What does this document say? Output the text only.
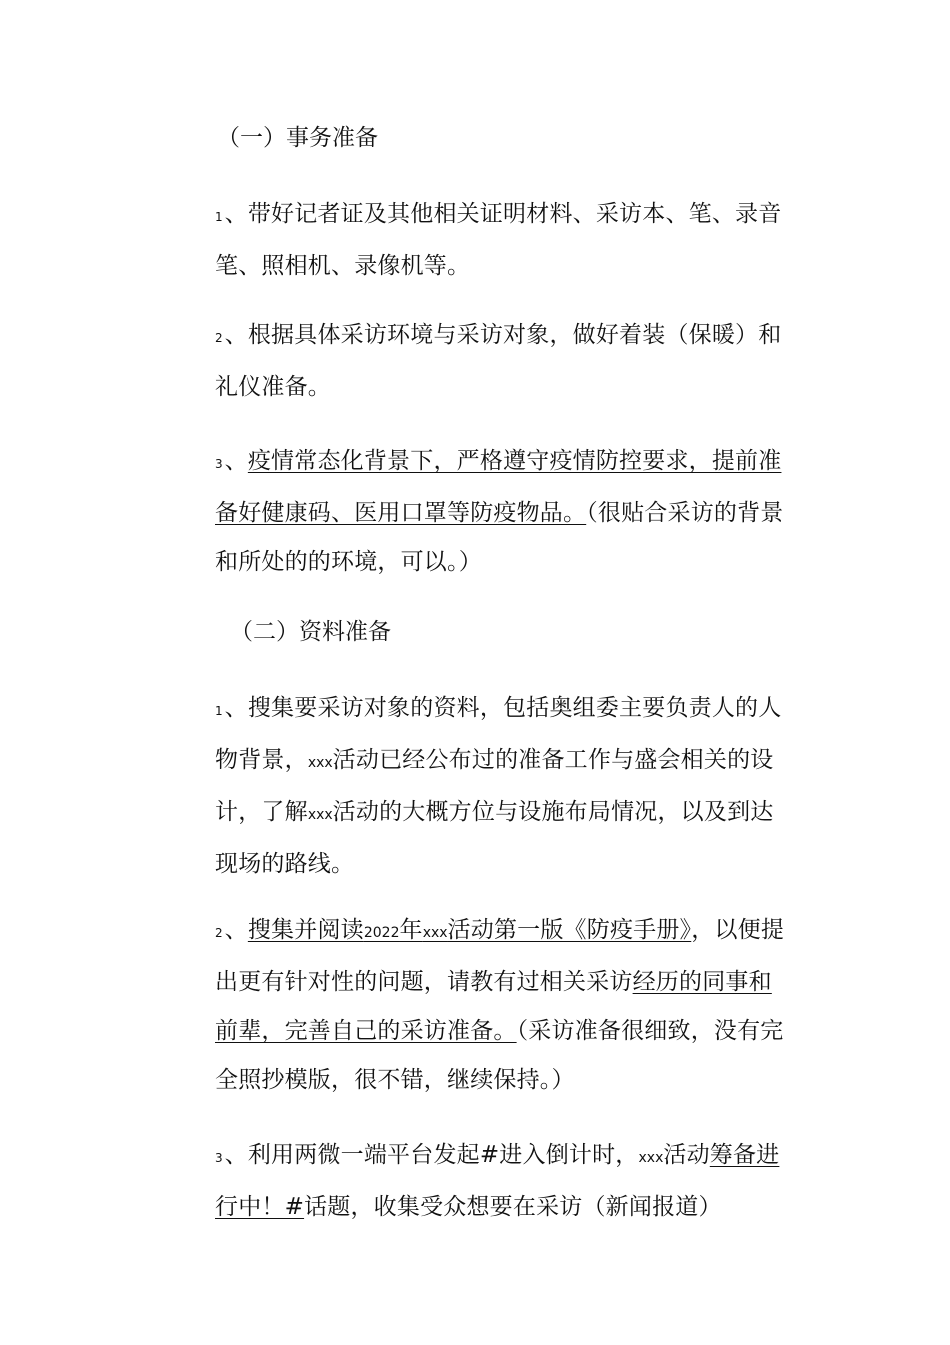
（一）事务准备
1、带好记者证及其他相关证明材料、采访本、笔、录音笔、照相机、录像机等。
2、根据具体采访环境与采访对象，做好着装（保暖）和礼仪准备。
3、疫情常态化背景下，严格遵守疫情防控要求，提前准备好健康码、医用口罩等防疫物品。（很贴合采访的背景和所处的的环境，可以。）
（二）资料准备
1、搜集要采访对象的资料，包括奥组委主要负责人的人物背景，xxx活动已经公布过的准备工作与盛会相关的设计，了解xxx活动的大概方位与设施布局情况，以及到达现场的路线。
2、搜集并阅读2022年xxx活动第一版《防疫手册》，以便提出更有针对性的问题，请教有过相关采访经历的同事和前辈，完善自己的采访准备。（采访准备很细致，没有完全照抄模版，很不错，继续保持。）
3、利用两微一端平台发起#进入倒计时，xxx活动筹备进行中！#话题，收集受众想要在采访（新闻报道）
